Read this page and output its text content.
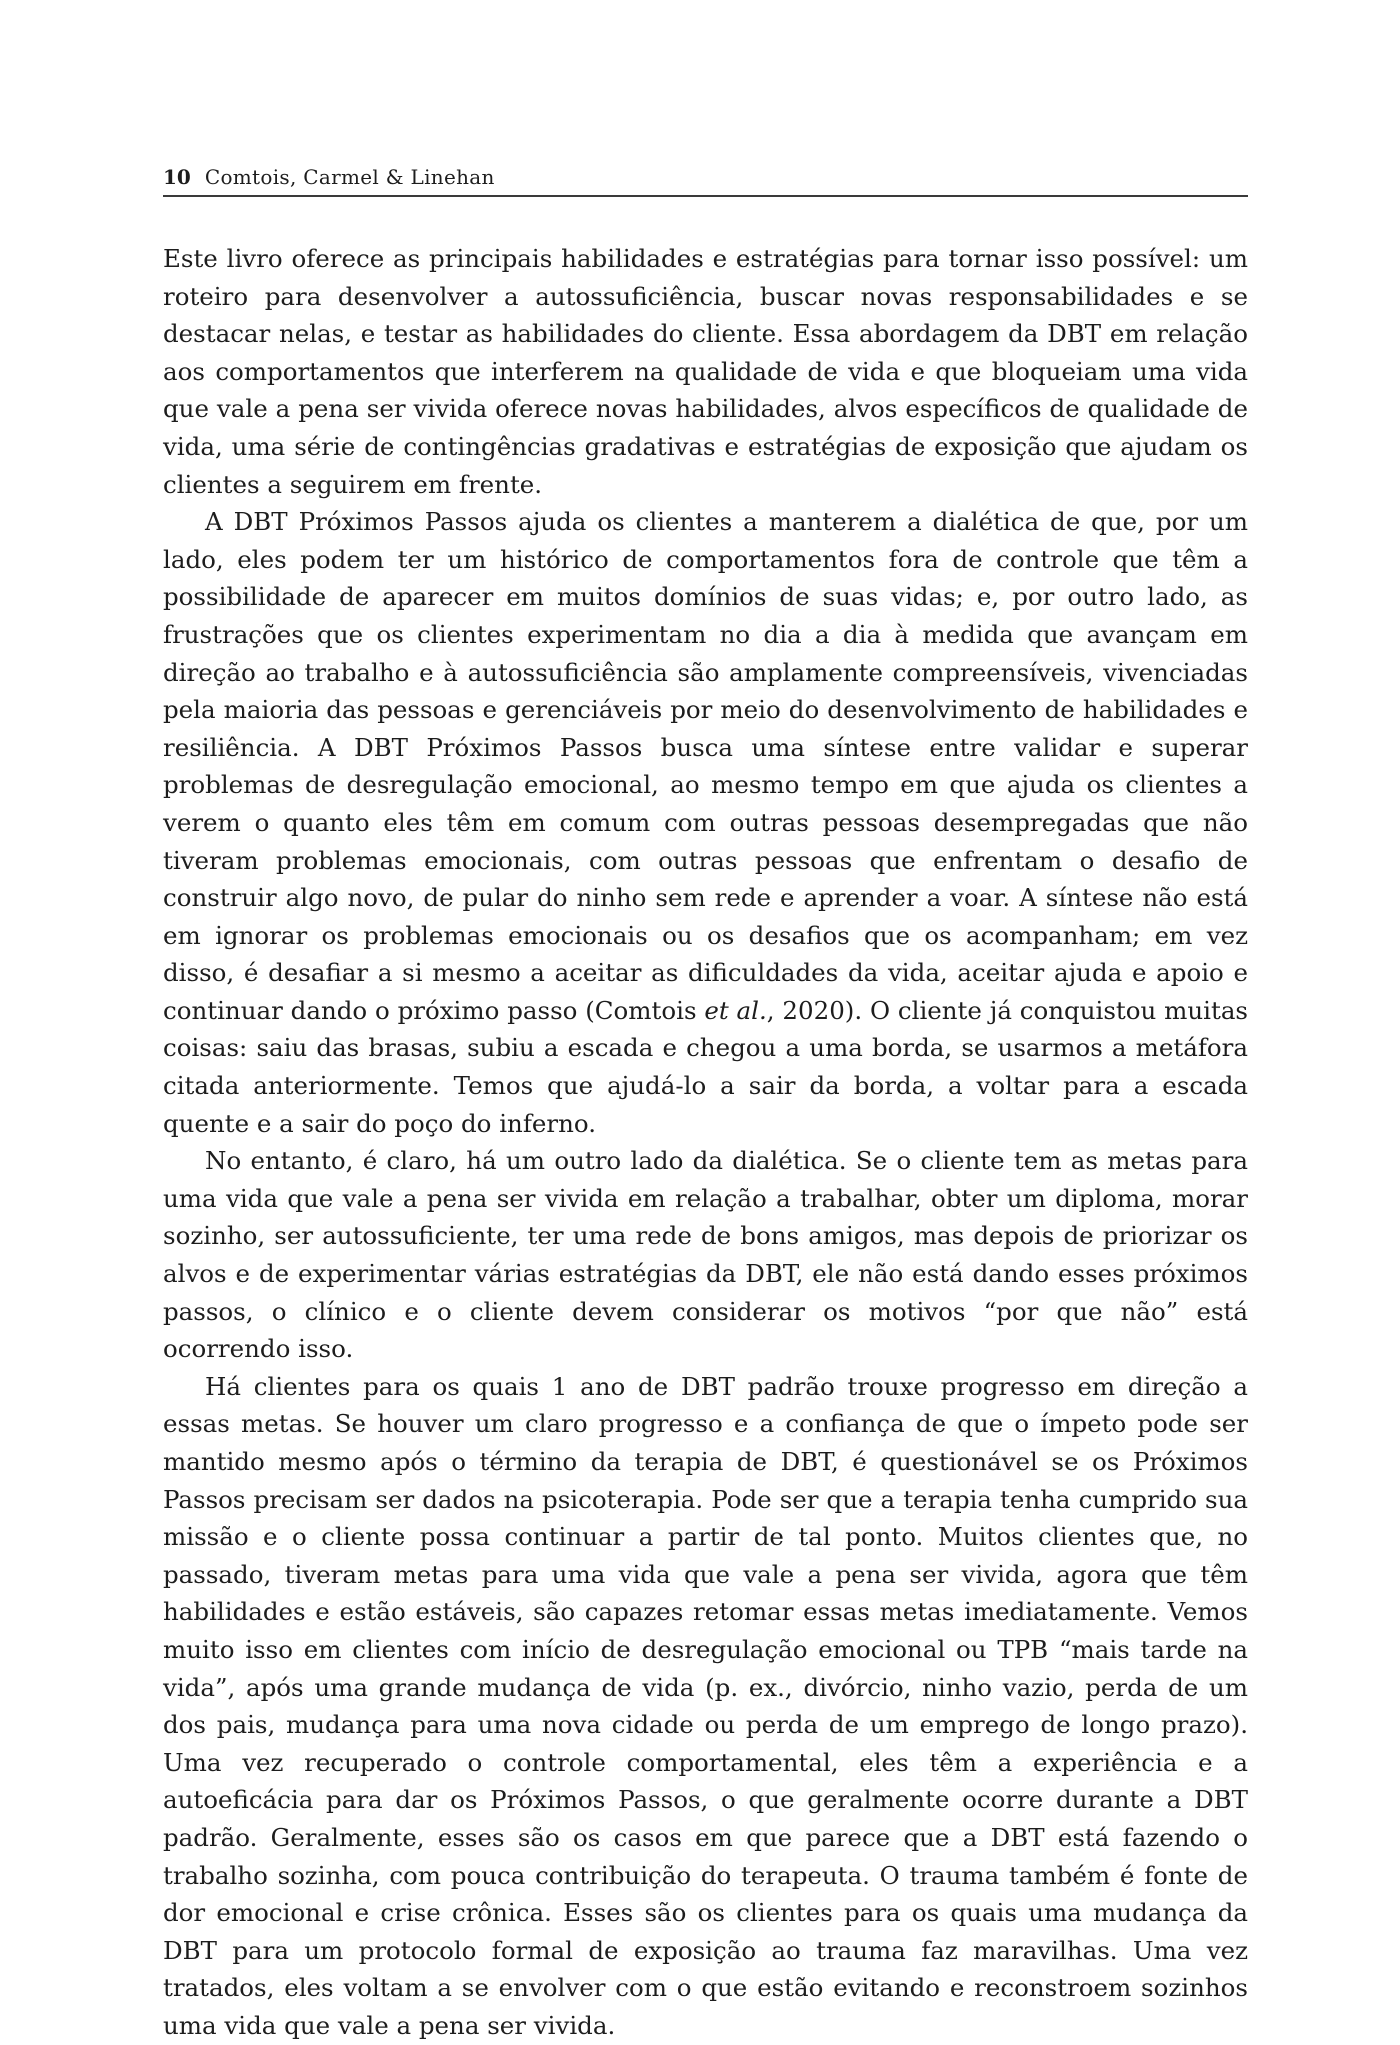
10 Comtois, Carmel & Linehan

Este livro oferece as principais habilidades e estratégias para tornar isso possível: um roteiro para desenvolver a autossuficiência, buscar novas responsabilidades e se destacar nelas, e testar as habilidades do cliente. Essa abordagem da DBT em relação aos comportamentos que interferem na qualidade de vida e que bloqueiam uma vida que vale a pena ser vivida oferece novas habilidades, alvos específicos de qualidade de vida, uma série de contingências gradativas e estratégias de exposição que ajudam os clientes a seguirem em frente.

A DBT Próximos Passos ajuda os clientes a manterem a dialética de que, por um lado, eles podem ter um histórico de comportamentos fora de controle que têm a possibilidade de aparecer em muitos domínios de suas vidas; e, por outro lado, as frustrações que os clientes experimentam no dia a dia à medida que avançam em direção ao trabalho e à autossuficiência são amplamente compreensíveis, vivenciadas pela maioria das pessoas e gerenciáveis por meio do desenvolvimento de habilidades e resiliência. A DBT Próximos Passos busca uma síntese entre validar e superar problemas de desregulação emocional, ao mesmo tempo em que ajuda os clientes a verem o quanto eles têm em comum com outras pessoas desempregadas que não tiveram problemas emocionais, com outras pessoas que enfrentam o desafio de construir algo novo, de pular do ninho sem rede e aprender a voar. A síntese não está em ignorar os problemas emocionais ou os desafios que os acompanham; em vez disso, é desafiar a si mesmo a aceitar as dificuldades da vida, aceitar ajuda e apoio e continuar dando o próximo passo (Comtois et al., 2020). O cliente já conquistou muitas coisas: saiu das brasas, subiu a escada e chegou a uma borda, se usarmos a metáfora citada anteriormente. Temos que ajudá-lo a sair da borda, a voltar para a escada quente e a sair do poço do inferno.

No entanto, é claro, há um outro lado da dialética. Se o cliente tem as metas para uma vida que vale a pena ser vivida em relação a trabalhar, obter um diploma, morar sozinho, ser autossuficiente, ter uma rede de bons amigos, mas depois de priorizar os alvos e de experimentar várias estratégias da DBT, ele não está dando esses próximos passos, o clínico e o cliente devem considerar os motivos “por que não” está ocorrendo isso.

Há clientes para os quais 1 ano de DBT padrão trouxe progresso em direção a essas metas. Se houver um claro progresso e a confiança de que o ímpeto pode ser mantido mesmo após o término da terapia de DBT, é questionável se os Próximos Passos precisam ser dados na psicoterapia. Pode ser que a terapia tenha cumprido sua missão e o cliente possa continuar a partir de tal ponto. Muitos clientes que, no passado, tiveram metas para uma vida que vale a pena ser vivida, agora que têm habilidades e estão estáveis, são capazes retomar essas metas imediatamente. Vemos muito isso em clientes com início de desregulação emocional ou TPB “mais tarde na vida”, após uma grande mudança de vida (p. ex., divórcio, ninho vazio, perda de um dos pais, mudança para uma nova cidade ou perda de um emprego de longo prazo). Uma vez recuperado o controle comportamental, eles têm a experiência e a autoeficácia para dar os Próximos Passos, o que geralmente ocorre durante a DBT padrão. Geralmente, esses são os casos em que parece que a DBT está fazendo o trabalho sozinha, com pouca contribuição do terapeuta. O trauma também é fonte de dor emocional e crise crônica. Esses são os clientes para os quais uma mudança da DBT para um protocolo formal de exposição ao trauma faz maravilhas. Uma vez tratados, eles voltam a se envolver com o que estão evitando e reconstroem sozinhos uma vida que vale a pena ser vivida.
